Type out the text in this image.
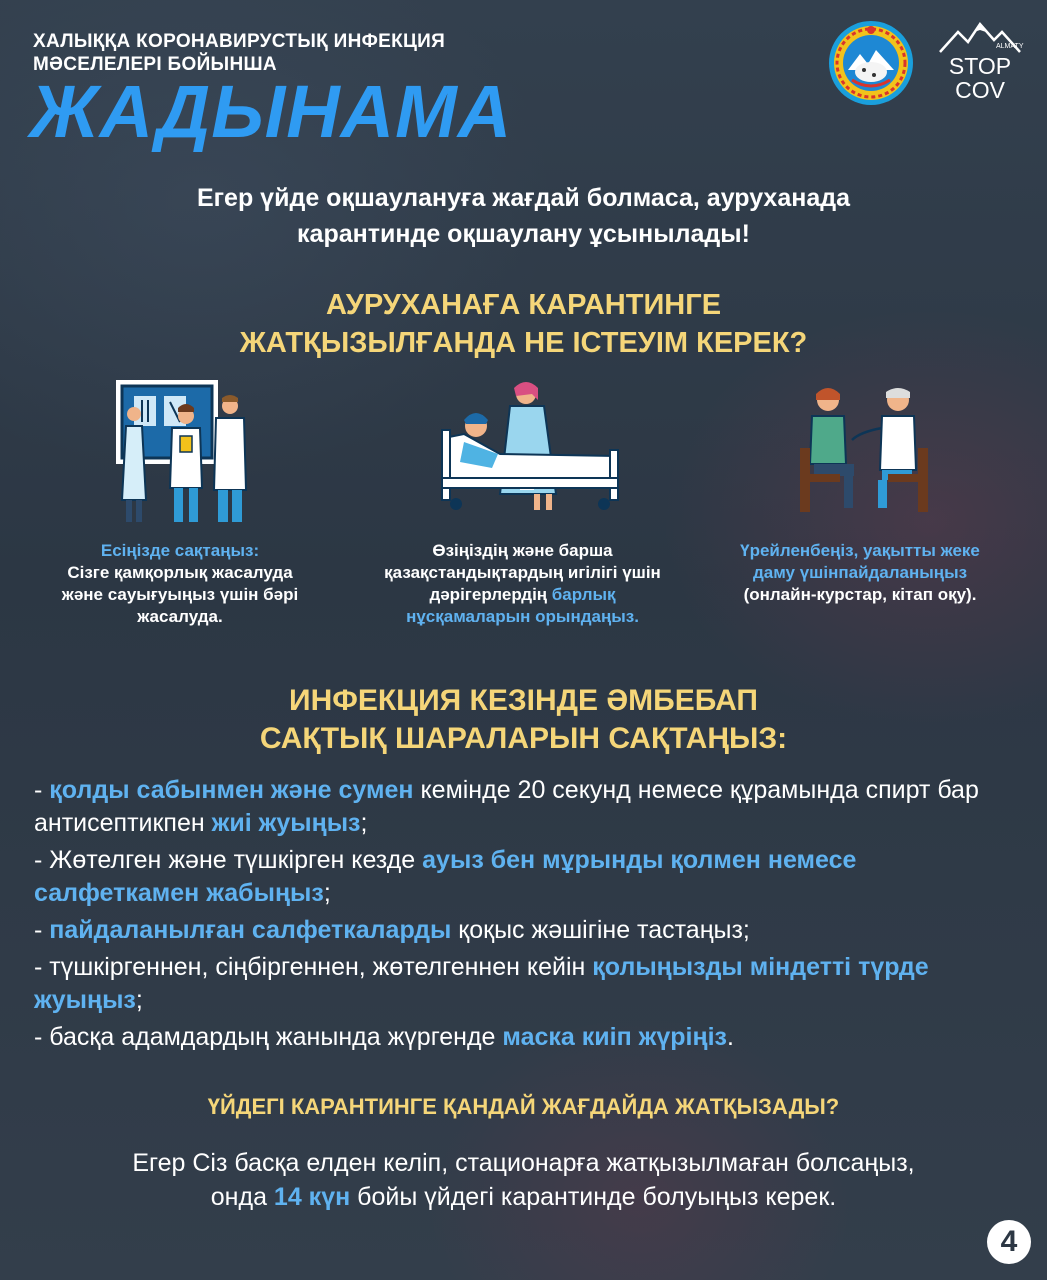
ХАЛЫҚҚА КОРОНАВИРУСТЫҚ ИНФЕКЦИЯ
МӘСЕЛЕЛЕРІ БОЙЫНША
ЖАДЫНАМА
ALMATY
STOP
COV
Егер үйде оқшаулануға жағдай болмаса, ауруханада
карантинде оқшаулану ұсынылады!
АУРУХАНАҒА КАРАНТИНГЕ
ЖАТҚЫЗЫЛҒАНДА НЕ ІСТЕУІМ КЕРЕК?
Есіңізде сақтаңыз:
Сізге қамқорлық жасалуда
және сауығуыңыз үшін бәрі
жасалуда.
Өзіңіздің және барша
қазақстандықтардың игілігі үшін
дәрігерлердің барлық
нұсқамаларын орындаңыз.
Үрейленбеңіз, уақытты жеке
даму үшінпайдаланыңыз
(онлайн-курстар, кітап оқу).
ИНФЕКЦИЯ КЕЗІНДЕ ӘМБЕБАП
САҚТЫҚ ШАРАЛАРЫН САҚТАҢЫЗ:
- қолды сабынмен және сумен кемінде 20 секунд немесе құрамында спирт бар антисептикпен жиі жуыңыз;
- Жөтелген және түшкірген кезде ауыз бен мұрынды қолмен немесе салфеткамен жабыңыз;
- пайдаланылған салфеткаларды қоқыс жәшігіне тастаңыз;
- түшкіргеннен, сіңбіргеннен, жөтелгеннен кейін қолыңызды міндетті түрде жуыңыз;
- басқа адамдардың жанында жүргенде маска киіп жүріңіз.
ҮЙДЕГІ КАРАНТИНГЕ ҚАНДАЙ ЖАҒДАЙДА ЖАТҚЫЗАДЫ?
Егер Сіз басқа елден келіп, стационарға жатқызылмаған болсаңыз,
онда 14 күн бойы үйдегі карантинде болуыңыз керек.
4
